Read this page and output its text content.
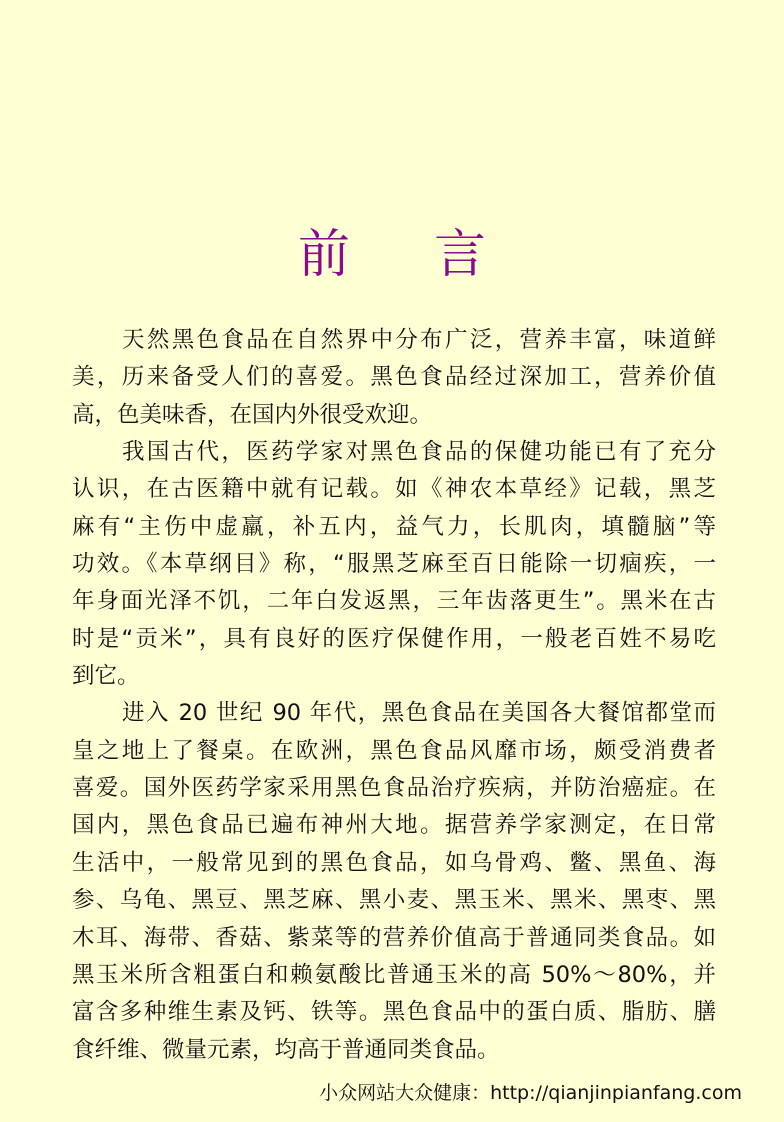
前 言
天然黑色食品在自然界中分布广泛，营养丰富，味道鲜
美，历来备受人们的喜爱。黑色食品经过深加工，营养价值
高，色美味香，在国内外很受欢迎。
我国古代，医药学家对黑色食品的保健功能已有了充分
认识，在古医籍中就有记载。如《神农本草经》记载，黑芝
麻有“主伤中虚羸，补五内，益气力，长肌肉，填髓脑”等
功效。《本草纲目》称，“服黑芝麻至百日能除一切痼疾，一
年身面光泽不饥，二年白发返黑，三年齿落更生”。黑米在古
时是“贡米”，具有良好的医疗保健作用，一般老百姓不易吃
到它。
进入 20 世纪 90 年代，黑色食品在美国各大餐馆都堂而
皇之地上了餐桌。在欧洲，黑色食品风靡市场，颇受消费者
喜爱。国外医药学家采用黑色食品治疗疾病，并防治癌症。在
国内，黑色食品已遍布神州大地。据营养学家测定，在日常
生活中，一般常见到的黑色食品，如乌骨鸡、鳖、黑鱼、海
参、乌龟、黑豆、黑芝麻、黑小麦、黑玉米、黑米、黑枣、黑
木耳、海带、香菇、紫菜等的营养价值高于普通同类食品。如
黑玉米所含粗蛋白和赖氨酸比普通玉米的高 50%～80%，并
富含多种维生素及钙、铁等。黑色食品中的蛋白质、脂肪、膳
食纤维、微量元素，均高于普通同类食品。
小众网站大众健康：http://qianjinpianfang.com
